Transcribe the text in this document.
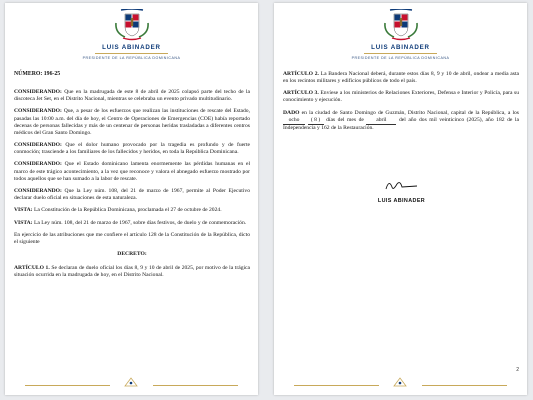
LUIS ABINADER
PRESIDENTE DE LA REPÚBLICA DOMINICANA

NÚMERO: 196-25

CONSIDERANDO: Que en la madrugada de este 8 de abril de 2025 colapsó parte del techo de la discoteca Jet Set, en el Distrito Nacional, mientras se celebraba un evento privado multitudinario.

CONSIDERANDO: Que, a pesar de los esfuerzos que realizan las instituciones de rescate del Estado, pasadas las 10:00 a.m. del día de hoy, el Centro de Operaciones de Emergencias (COE) había reportado decenas de personas fallecidas y más de un centenar de personas heridas trasladadas a diferentes centros médicos del Gran Santo Domingo.

CONSIDERANDO: Que el dolor humano provocado por la tragedia es profundo y de fuerte conmoción; trasciende a los familiares de los fallecidos y heridos, en toda la República Dominicana.

CONSIDERANDO: Que el Estado dominicano lamenta enormemente las pérdidas humanas en el marco de este trágico acontecimiento, a la vez que reconoce y valora el abnegado esfuerzo mostrado por todos aquellos que se han sumado a la labor de rescate.

CONSIDERANDO: Que la Ley núm. 108, del 21 de marzo de 1967, permite al Poder Ejecutivo declarar duelo oficial en situaciones de esta naturaleza.

VISTA: La Constitución de la República Dominicana, proclamada el 27 de octubre de 2024.

VISTA: La Ley núm. 108, del 21 de marzo de 1967, sobre días festivos, de duelo y de conmemoración.

En ejercicio de las atribuciones que me confiere el artículo 128 de la Constitución de la República, dicto el siguiente

DECRETO:

ARTÍCULO 1. Se declaran de duelo oficial los días 8, 9 y 10 de abril de 2025, por motivo de la trágica situación ocurrida en la madrugada de hoy, en el Distrito Nacional.

LUIS ABINADER
PRESIDENTE DE LA REPÚBLICA DOMINICANA

ARTÍCULO 2. La Bandera Nacional deberá, durante estos días 8, 9 y 10 de abril, ondear a media asta en los recintos militares y edificios públicos de todo el país.

ARTÍCULO 3. Envíese a los ministerios de Relaciones Exteriores, Defensa e Interior y Policía, para su conocimiento y ejecución.

DADO en la ciudad de Santo Domingo de Guzmán, Distrito Nacional, capital de la República, a los ocho ( 8 ) días del mes de abril del año dos mil veinticinco (2025), año 182 de la Independencia y 162 de la Restauración.

LUIS ABINADER
2
